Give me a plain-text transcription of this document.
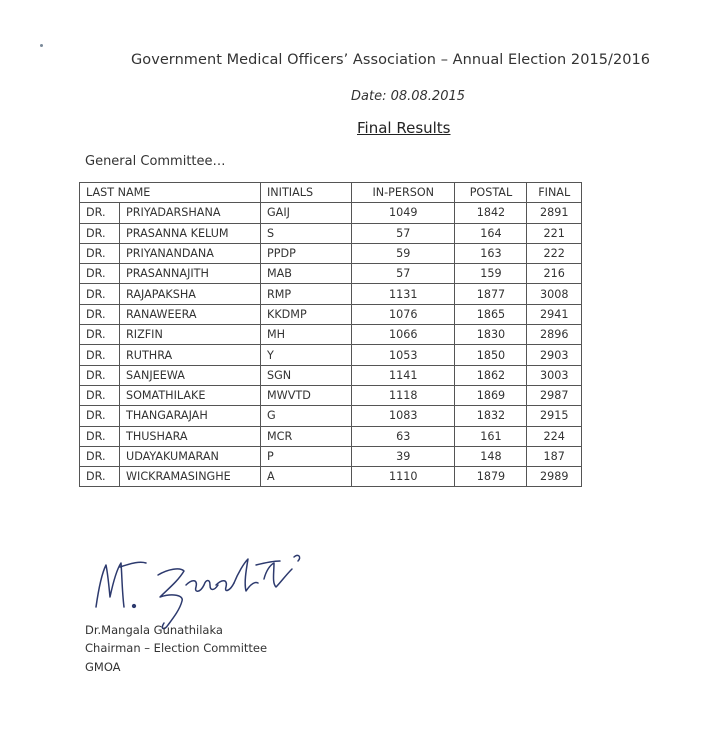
Government Medical Officers’ Association – Annual Election 2015/2016
Date: 08.08.2015
Final Results
General Committee…
LAST NAME		INITIALS	IN-PERSON	POSTAL	FINAL
DR.	PRIYADARSHANA	GAIJ	1049	1842	2891
DR.	PRASANNA KELUM	S	57	164	221
DR.	PRIYANANDANA	PPDP	59	163	222
DR.	PRASANNAJITH	MAB	57	159	216
DR.	RAJAPAKSHA	RMP	1131	1877	3008
DR.	RANAWEERA	KKDMP	1076	1865	2941
DR.	RIZFIN	MH	1066	1830	2896
DR.	RUTHRA	Y	1053	1850	2903
DR.	SANJEEWA	SGN	1141	1862	3003
DR.	SOMATHILAKE	MWVTD	1118	1869	2987
DR.	THANGARAJAH	G	1083	1832	2915
DR.	THUSHARA	MCR	63	161	224
DR.	UDAYAKUMARAN	P	39	148	187
DR.	WICKRAMASINGHE	A	1110	1879	2989
Dr.Mangala Gunathilaka
Chairman – Election Committee
GMOA
